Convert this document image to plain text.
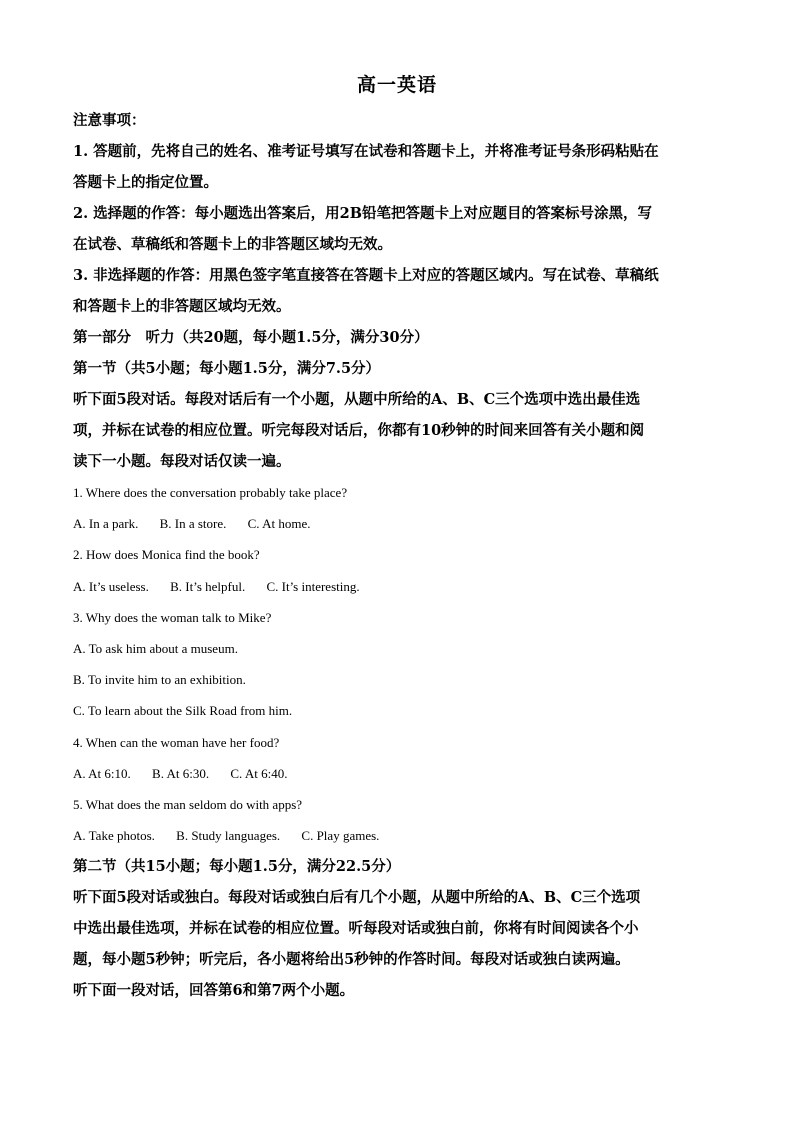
高一英语

注意事项：

1. 答题前，先将自己的姓名、准考证号填写在试卷和答题卡上，并将准考证号条形码粘贴在

答题卡上的指定位置。

2. 选择题的作答：每小题选出答案后，用2B铅笔把答题卡上对应题目的答案标号涂黑，写

在试卷、草稿纸和答题卡上的非答题区域均无效。

3. 非选择题的作答：用黑色签字笔直接答在答题卡上对应的答题区域内。写在试卷、草稿纸

和答题卡上的非答题区域均无效。

第一部分　听力（共20题，每小题1.5分，满分30分）

第一节（共5小题；每小题1.5分，满分7.5分）

听下面5段对话。每段对话后有一个小题，从题中所给的A、B、C三个选项中选出最佳选

项，并标在试卷的相应位置。听完每段对话后，你都有10秒钟的时间来回答有关小题和阅

读下一小题。每段对话仅读一遍。

1. Where does the conversation probably take place?

A. In a park. B. In a store. C. At home.

2. How does Monica find the book?

A. It’s useless. B. It’s helpful. C. It’s interesting.

3. Why does the woman talk to Mike?

A. To ask him about a museum.

B. To invite him to an exhibition.

C. To learn about the Silk Road from him.

4. When can the woman have her food?

A. At 6:10. B. At 6:30. C. At 6:40.

5. What does the man seldom do with apps?

A. Take photos. B. Study languages. C. Play games.

第二节（共15小题；每小题1.5分，满分22.5分）

听下面5段对话或独白。每段对话或独白后有几个小题，从题中所给的A、B、C三个选项

中选出最佳选项，并标在试卷的相应位置。听每段对话或独白前，你将有时间阅读各个小

题，每小题5秒钟；听完后，各小题将给出5秒钟的作答时间。每段对话或独白读两遍。

听下面一段对话，回答第6和第7两个小题。
